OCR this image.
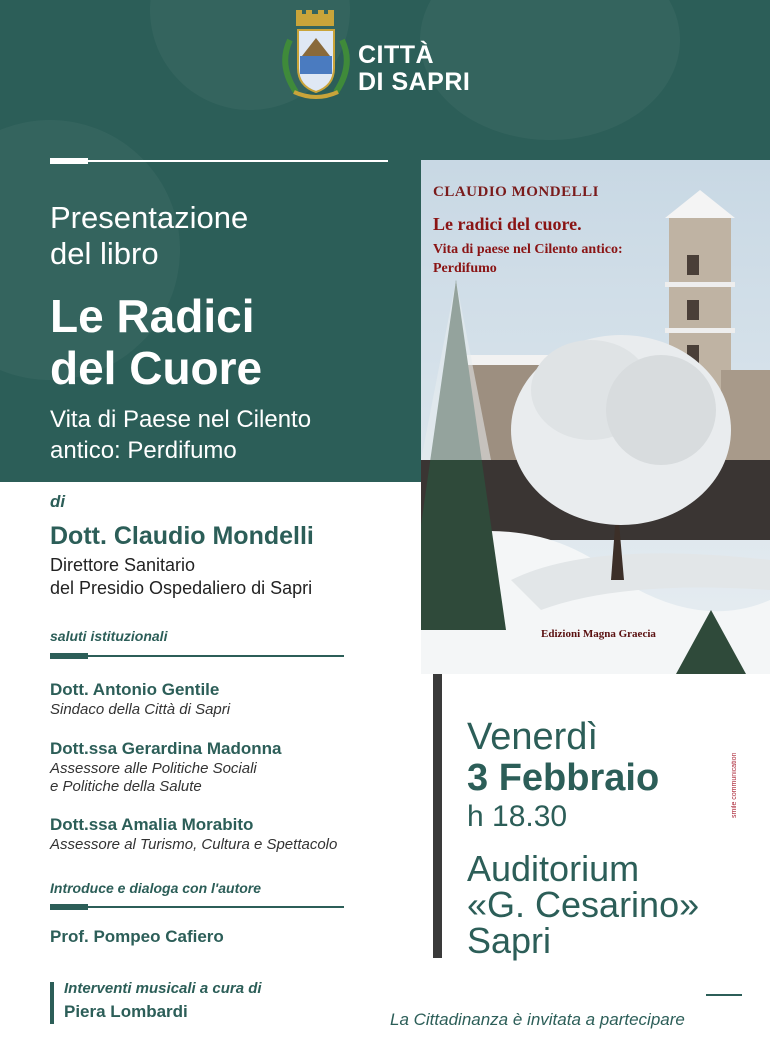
CITTÀ
DI SAPRI
Presentazione
del libro
Le Radici
del Cuore
Vita di Paese nel Cilento
antico: Perdifumo
CLAUDIO MONDELLI
Le radici del cuore.
Vita di paese nel Cilento antico:
Perdifumo
Edizioni Magna Graecia
di
Dott. Claudio Mondelli
Direttore Sanitario
del Presidio Ospedaliero di Sapri
saluti istituzionali
Dott. Antonio Gentile
Sindaco della Città di Sapri
Dott.ssa Gerardina Madonna
Assessore alle Politiche Sociali
e Politiche della Salute
Dott.ssa Amalia Morabito
Assessore al Turismo, Cultura e Spettacolo
Introduce e dialoga con l'autore
Prof. Pompeo Cafiero
Interventi musicali a cura di
Piera Lombardi
Venerdì
3 Febbraio
h 18.30
Auditorium
«G. Cesarino»
Sapri
smile communication
La Cittadinanza è invitata a partecipare
